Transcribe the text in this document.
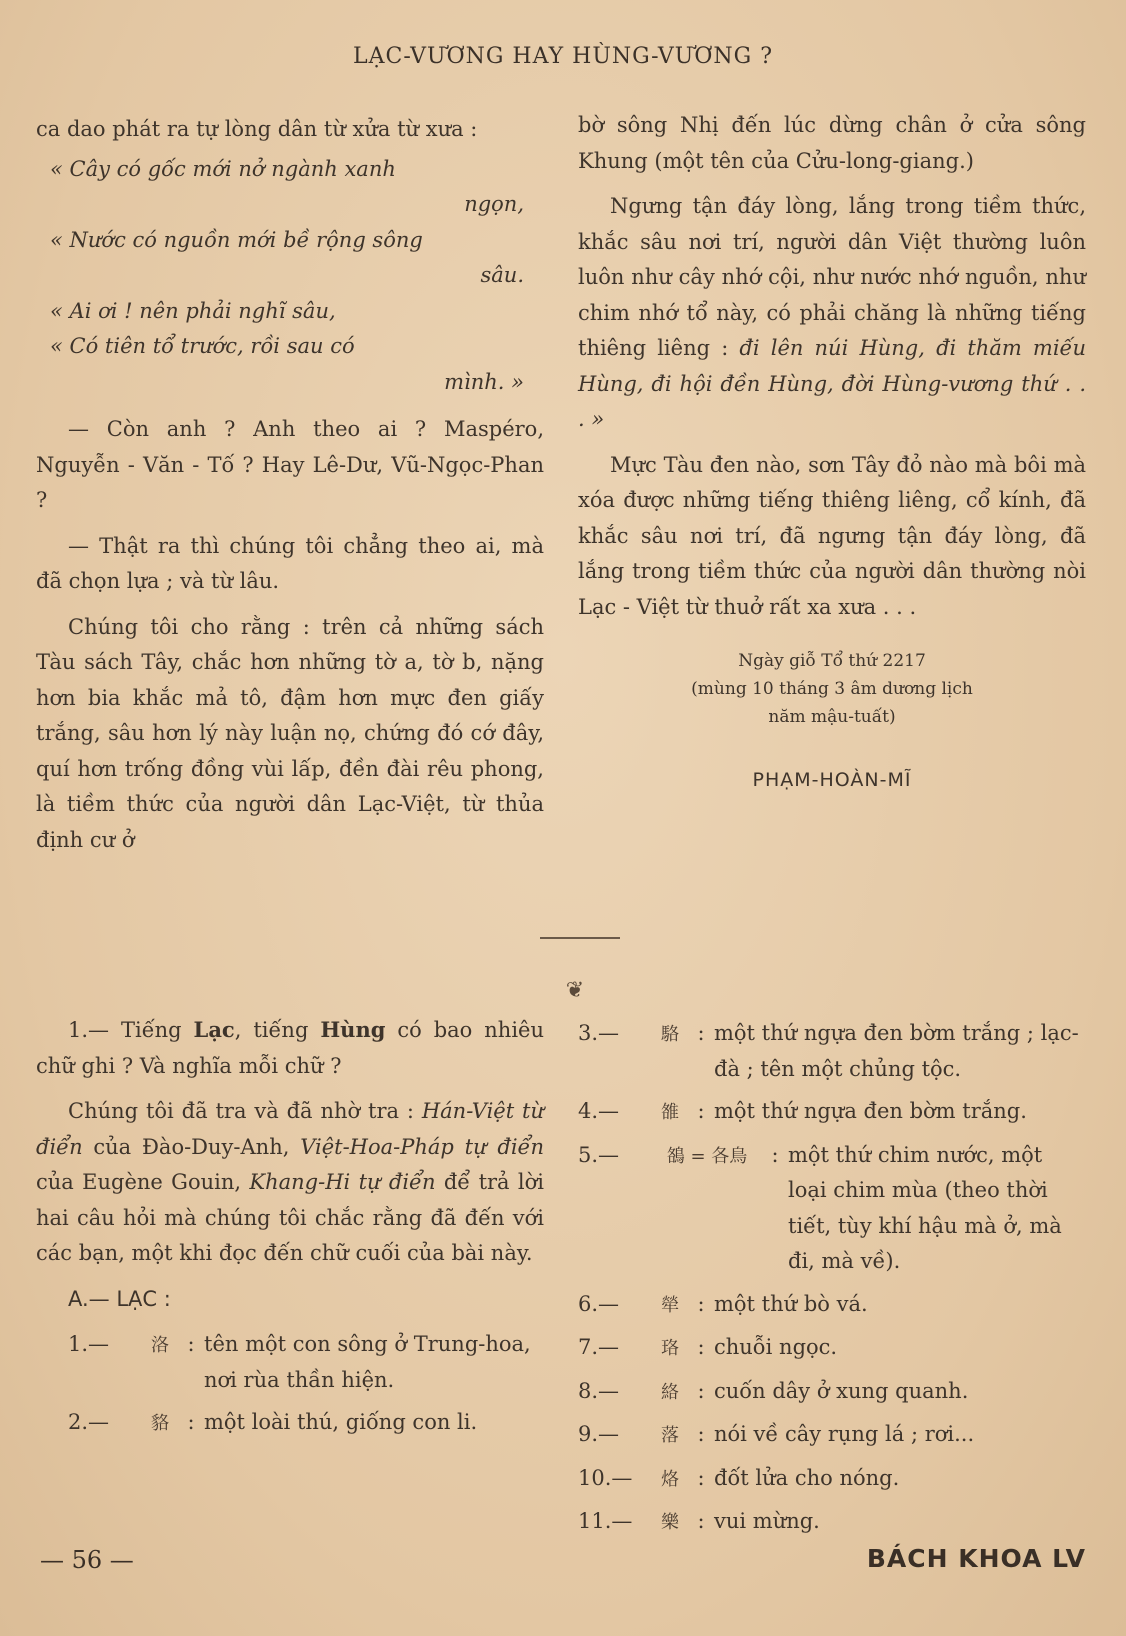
LẠC-VƯƠNG HAY HÙNG-VƯƠNG ?

ca dao phát ra tự lòng dân từ xửa từ xưa :

« Cây có gốc mới nở ngành xanh
ngọn,
« Nước có nguồn mới bề rộng sông
sâu.
« Ai ơi ! nên phải nghĩ sâu,
« Có tiên tổ trước, rồi sau có
mình. »

— Còn anh ? Anh theo ai ? Maspéro, Nguyễn - Văn - Tố ? Hay Lê-Dư, Vũ-Ngọc-Phan ?

— Thật ra thì chúng tôi chẳng theo ai, mà đã chọn lựa ; và từ lâu.

Chúng tôi cho rằng : trên cả những sách Tàu sách Tây, chắc hơn những tờ a, tờ b, nặng hơn bia khắc mả tô, đậm hơn mực đen giấy trắng, sâu hơn lý này luận nọ, chứng đó cớ đây, quí hơn trống đồng vùi lấp, đền đài rêu phong, là tiềm thức của người dân Lạc-Việt, từ thủa định cư ở

bờ sông Nhị đến lúc dừng chân ở cửa sông Khung (một tên của Cửu-long-giang.)

Ngưng tận đáy lòng, lắng trong tiềm thức, khắc sâu nơi trí, người dân Việt thường luôn luôn như cây nhớ cội, như nước nhớ nguồn, như chim nhớ tổ này, có phải chăng là những tiếng thiêng liêng : đi lên núi Hùng, đi thăm miếu Hùng, đi hội đền Hùng, đời Hùng-vương thứ . . . »

Mực Tàu đen nào, sơn Tây đỏ nào mà bôi mà xóa được những tiếng thiêng liêng, cổ kính, đã khắc sâu nơi trí, đã ngưng tận đáy lòng, đã lắng trong tiềm thức của người dân thường nòi Lạc - Việt từ thuở rất xa xưa . . .

Ngày giỗ Tổ thứ 2217
(mùng 10 tháng 3 âm dương lịch
năm mậu-tuất)
PHẠM-HOÀN-MĨ
❦

1.— Tiếng Lạc, tiếng Hùng có bao nhiêu chữ ghi ? Và nghĩa mỗi chữ ?

Chúng tôi đã tra và đã nhờ tra : Hán-Việt từ điển của Đào-Duy-Anh, Việt-Hoa-Pháp tự điển của Eugène Gouin, Khang-Hi tự điển để trả lời hai câu hỏi mà chúng tôi chắc rằng đã đến với các bạn, một khi đọc đến chữ cuối của bài này.

A.— LẠC :

1.—	洛 : tên một con sông ở Trung-hoa, nơi rùa thần hiện.
2.—	貉 : một loài thú, giống con li.
3.—	駱 : một thứ ngựa đen bờm trắng ; lạc-đà ; tên một chủng tộc.
4.—	雒 : một thứ ngựa đen bờm trắng.
5.—	鵅 = 各鳥	: một thứ chim nước, một loại chim mùa (theo thời tiết, tùy khí hậu mà ở, mà đi, mà về).
6.—	犖 : một thứ bò vá.
7.—	珞 : chuỗi ngọc.
8.—	絡 : cuốn dây ở xung quanh.
9.—	落 : nói về cây rụng lá ; rơi...
10.—	烙 : đốt lửa cho nóng.
11.—	樂 : vui mừng.
— 56 —	BÁCH KHOA LV
